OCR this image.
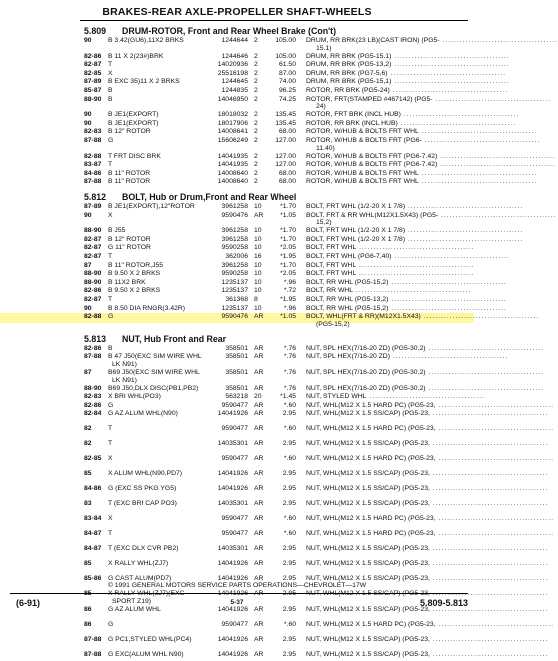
BRAKES-REAR AXLE-PROPELLER SHAFT-WHEELS
5.809 DRUM-ROTOR, Front and Rear Wheel Brake (Con't)
90 B 3.42(GU6),11X2 BRKS	1244644 2	105.00 DRUM, RR BRK(23 LB)(CAST IRON) (PG5- ........................................
15.1)
82-86 B 11 X 2(23#)BRK	1244646 2	105.00 DRUM, RR BRK (PG5-15.1) ........................................
82-87 T	14020936 2	61.50 DRUM, RR BRK (PG5-13,2) ........................................
82-85 X	25516198 2	87.00 DRUM, RR BRK (PG7-5,6) ........................................
87-89 B EXC 35)11 X 2 BRKS	1244645 2	74.00 DRUM, RR BRK (PG5-15,1) ........................................
85-87 B	1244835 2	96.25 ROTOR, RR BRK (PG5-24) ........................................
88-90 B	14046950 2	74.25 ROTOR, FRT(STAMPED #467142) (PG5- ........................................
24)
90 B JE1(EXPORT)	18018032 2	135.45 ROTOR, FRT BRK (INCL HUB) ........................................
90 B JE1(EXPORT)	18017906 2	135.45 ROTOR, RR BRK (INCL HUB) ........................................
82-83 B 12" ROTOR	14008641 2	68.00 ROTOR, W/HUB & BOLTS FRT WHL ........................................
87-88 G	15606249 2	127.00 ROTOR, W/HUB & BOLTS FRT (PG6- ........................................
11.40)
82-88 T FRT DISC BRK	14041935 2	127.00 ROTOR, W/HUB & BOLTS FRT (PG6-7.42) ........................................
83-87 T	14041935 2	127.00 ROTOR, W/HUB & BOLTS FRT (PG6-7.42) ........................................
84-86 B 11" ROTOR	14008640 2	68.00 ROTOR, W/HUB & BOLTS FRT WHL ........................................
87-88 B 11" ROTOR	14008640 2	68.00 ROTOR, W/HUB & BOLTS FRT WHL ........................................
5.812 BOLT, Hub or Drum,Front and Rear Wheel
87-89 B JE1(EXPORT),12"ROTOR	3961258 10	*1.70 BOLT, FRT WHL (1/2-20 X 1 7/8) ........................................
90 X	9590476 AR	*1.05 BOLT, FRT & RR WHL(M12X1.5X43) (PG5- ........................................
15,2)
88-90 B J55	3961258 10	*1.70 BOLT, FRT WHL (1/2-20 X 1 7/8) ........................................
82-87 B 12" ROTOR	3961258 10	*1.70 BOLT, FRT WHL (1/2-20 X 1 7/8) ........................................
82-87 G 11" ROTOR	9590258 10	*2.05 BOLT, FRT WHL ........................................
82-87 T	362006 16	*1.95 BOLT, FRT WHL (PG6-7,40) ........................................
87 B 11" ROTOR,J55	3961258 10	*1.70 BOLT, FRT WHL ........................................
88-90 B 9.50 X 2 BRKS	9590258 10	*2.05 BOLT, FRT WHL ........................................
88-90 B 11X2 BRK	1235137 10	*.96 BOLT, RR WHL (PG5-15,2) ........................................
82-86 B 9.50 X 2 BRKS	1235137 10	*.72 BOLT, RR WHL ........................................
82-87 T	361368 8	*1.95 BOLT, RR WHL (PG5-13,2) ........................................
90 B 8.50 DIA RNGR(3.42R)	1235137 10	*.96 BOLT, RR WHL (PG5-15,2) ........................................
82-88 G	9590476 AR	*1.05 BOLT, WHL(FRT & RR)(M12X1.5X43) ........................................
(PG5-15,2)
5.813 NUT, Hub Front and Rear
82-86 B	358501 AR	*.76 NUT, SPL HEX(7/16-20 ZD) (PG5-30,2) ........................................
87-88 B 47 J50(EXC SIM WIRE WHL	358501 AR	*.76 NUT, SPL HEX(7/16-20 ZD) ........................................
LK N91)
87 B69 J50(EXC SIM WIRE WHL	358501 AR	*.76 NUT, SPL HEX(7/16-20 ZD) (PG5-30,2) ........................................
LK N91)
88-90 B69 J50,DLX DISC(PB1,PB2)	358501 AR	*.76 NUT, SPL HEX(7/16-20 ZD) (PG5-30,2) ........................................
82-83 X BRI WHL(PO3)	563218 20	*1.45 NUT, STYLED WHL ........................................
82-86 G	9590477 AR	*.60 NUT, WHL(M12 X 1.5 HARD PC) (PG5-23, ........................................
82-84 G AZ ALUM WHL(N90)	14041926 AR	2.95 NUT, WHL(M12 X 1.5 SS/CAP) (PG5-23, ........................................
82 T	9590477 AR	*.60 NUT, WHL(M12 X 1.5 HARD PC) (PG5-23, ........................................
82 T	14035301 AR	2.95 NUT, WHL(M12 X 1.5 SS/CAP) (PG5-23, ........................................
82-85 X	9590477 AR	*.60 NUT, WHL(M12 X 1.5 HARD PC) (PG5-23, ........................................
85 X ALUM WHL(N90,PD7)	14041926 AR	2.95 NUT, WHL(M12 X 1.5 SS/CAP) (PG5-23, ........................................
84-86 G (EXC SS PKG YG5)	14041926 AR	2.95 NUT, WHL(M12 X 1.5 SS/CAP) (PG5-23, ........................................
83 T (EXC BRI CAP PO3)	14035301 AR	2.95 NUT, WHL(M12 X 1.5 SS/CAP) (PG5-23, ........................................
83-84 X	9590477 AR	*.60 NUT, WHL(M12 X 1.5 HARD PC) (PG5-23, ........................................
84-87 T	9590477 AR	*.60 NUT, WHL(M12 X 1.5 HARD PC) (PG5-23, ........................................
84-87 T (EXC DLX CVR PB2)	14035301 AR	2.95 NUT, WHL(M12 X 1.5 SS/CAP) (PG5-23, ........................................
85 X RALLY WHL(ZJ7)	14041926 AR	2.95 NUT, WHL(M12 X 1.5 SS/CAP) (PG5-23, ........................................
85-86 G CAST ALUM(PD7)	14041926 AR	2.95 NUT, WHL(M12 X 1.5 SS/CAP) (PG5-23, ........................................
85 X RALLY WHL(ZJ7)(EXC	14041926 AR	2.95 NUT, WHL(M12 X 1.5 SS/CAP) (PG5-23, ........................................
SPORT Z19)
86 G AZ ALUM WHL	14041926 AR	2.95 NUT, WHL(M12 X 1.5 SS/CAP) (PG5-23, ........................................
86 G	9590477 AR	*.60 NUT, WHL(M12 X 1.5 HARD PC) (PG5-23, ........................................
87-88 G PC1,STYLED WHL(PC4)	14041926 AR	2.95 NUT, WHL(M12 X 1.5 SS/CAP) (PG5-23, ........................................
87-88 G EXC(ALUM WHL N90)	14041926 AR	2.95 NUT, WHL(M12 X 1.5 SS/CAP) (PG5-23, ........................................
© 1991 GENERAL MOTORS SERVICE PARTS OPERATIONS—CHEVROLET—17W
(6-91)	5-37	5.809-5.813
